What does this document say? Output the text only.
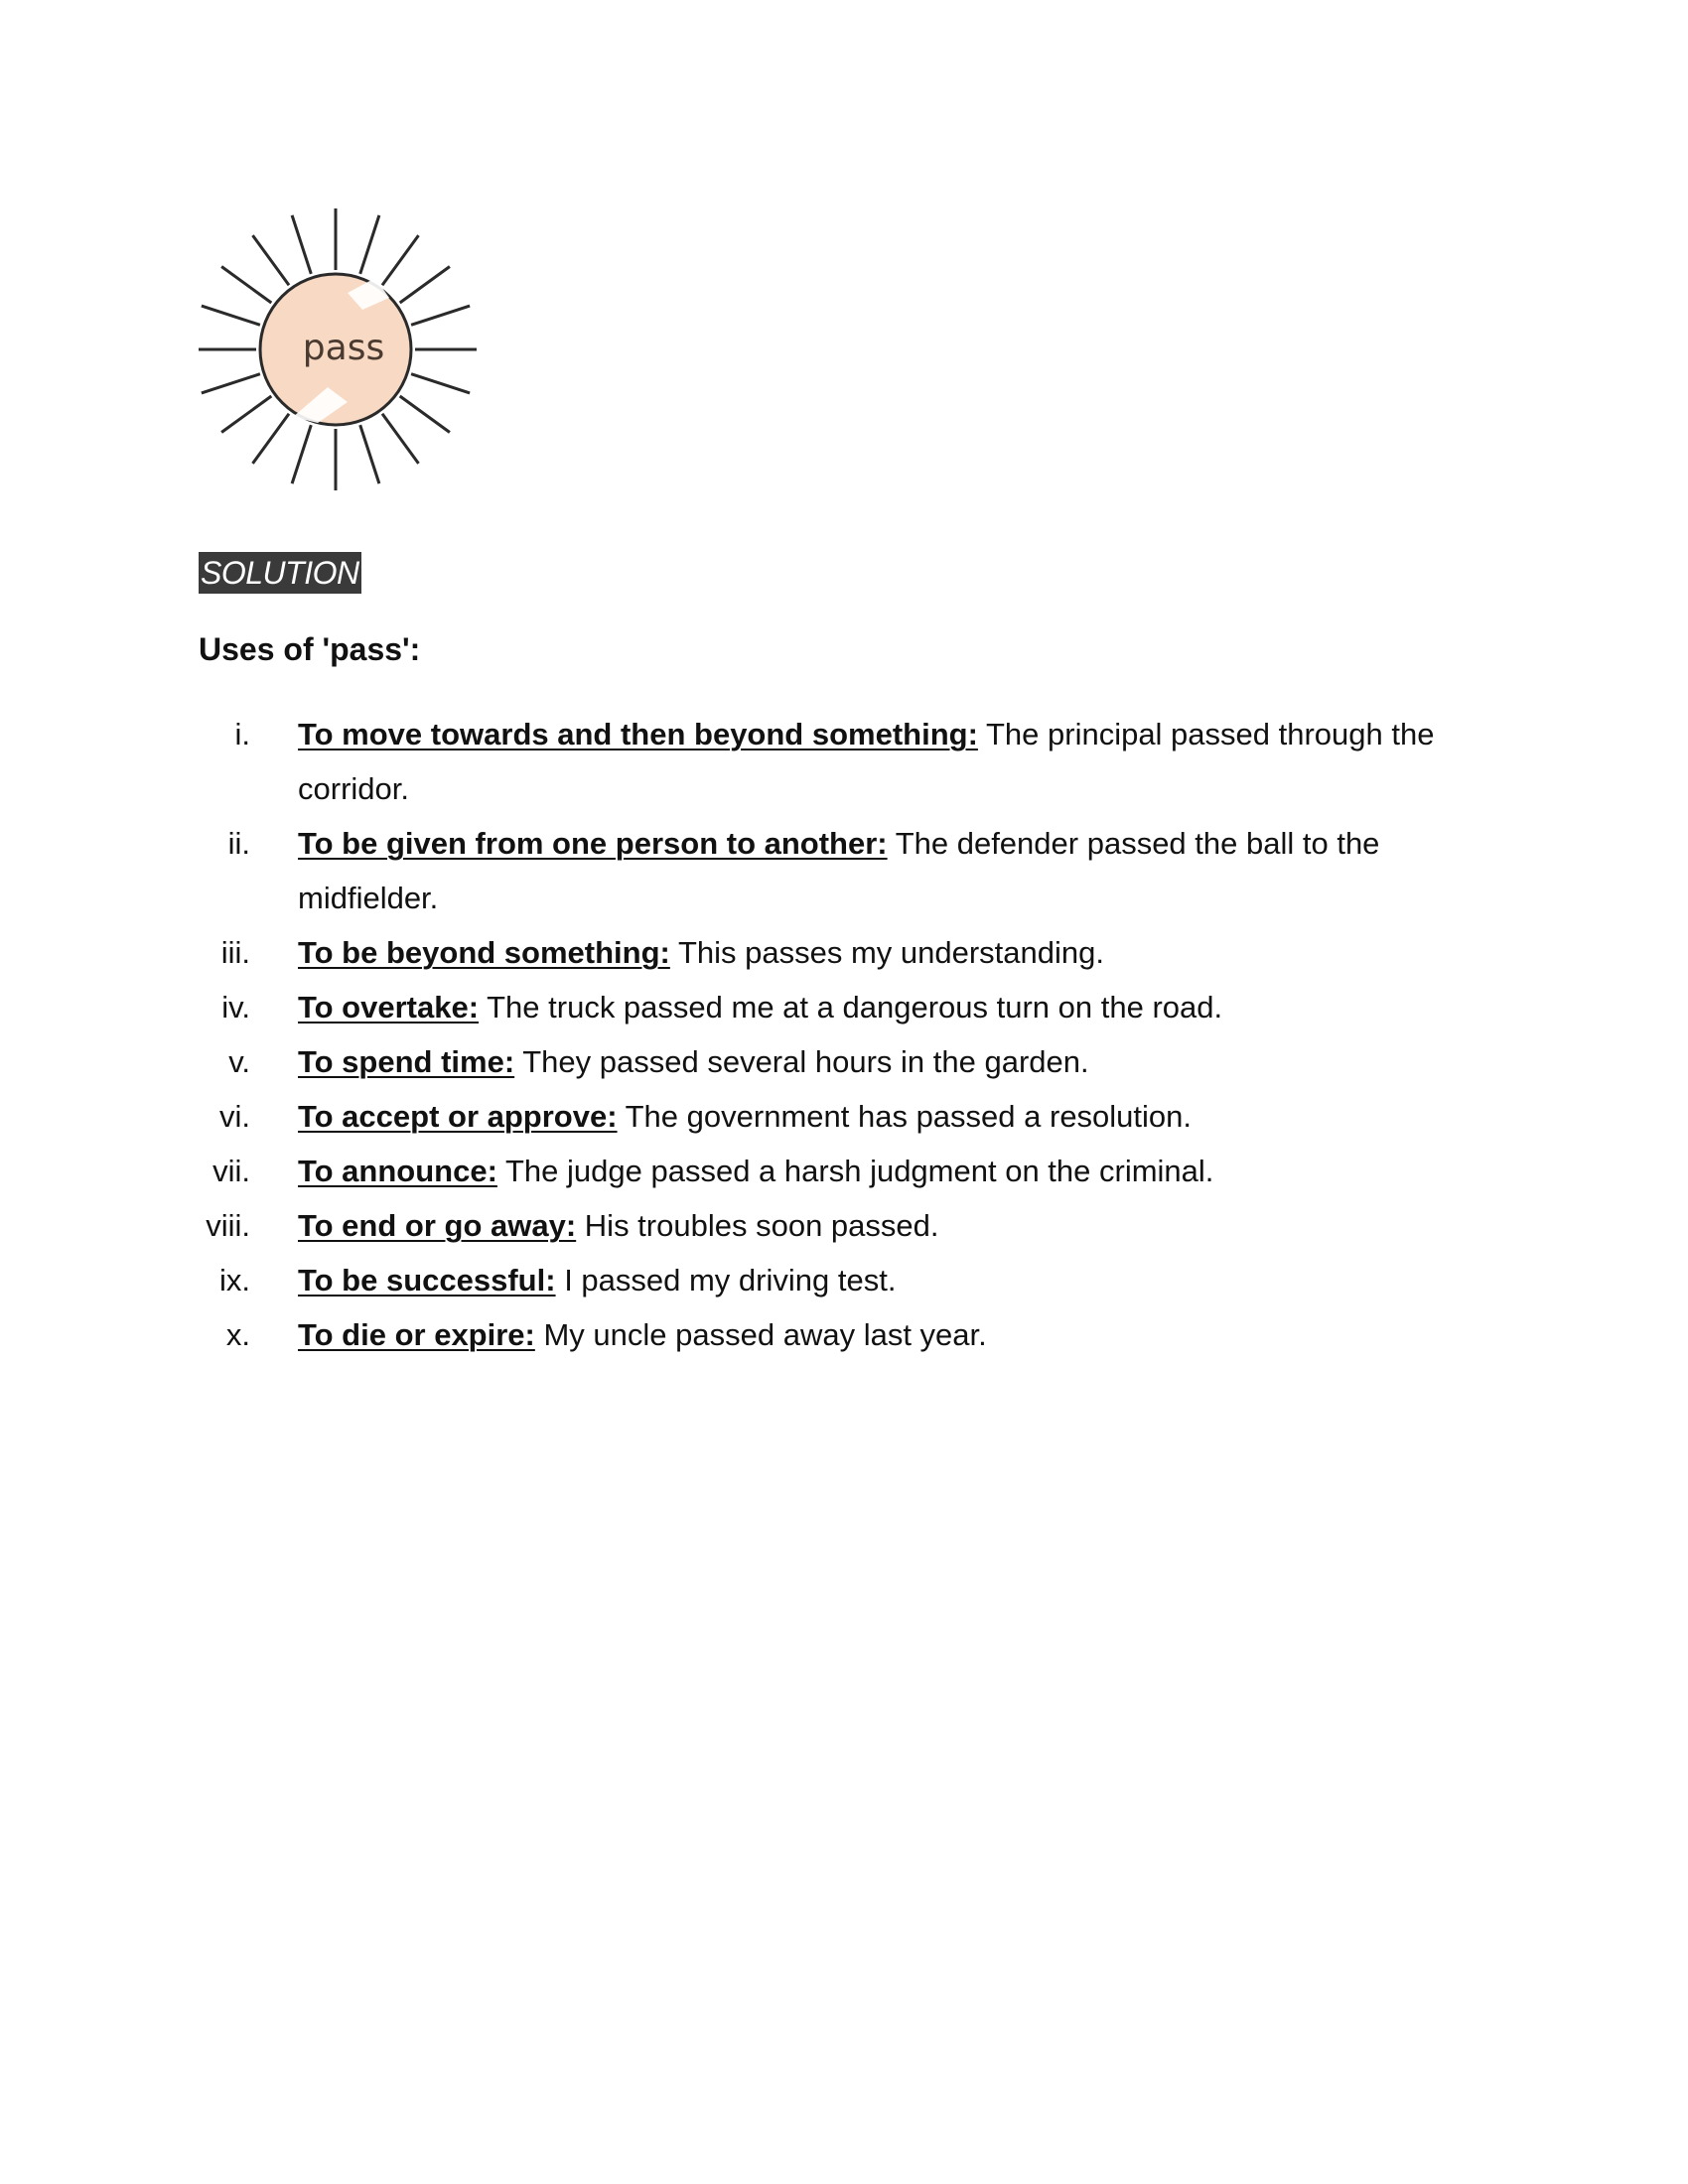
pass
SOLUTION

Uses of 'pass':

i. To move towards and then beyond something: The principal passed through the corridor.
ii. To be given from one person to another: The defender passed the ball to the midfielder.
iii. To be beyond something: This passes my understanding.
iv. To overtake: The truck passed me at a dangerous turn on the road.
v. To spend time: They passed several hours in the garden.
vi. To accept or approve: The government has passed a resolution.
vii. To announce: The judge passed a harsh judgment on the criminal.
viii. To end or go away: His troubles soon passed.
ix. To be successful: I passed my driving test.
x. To die or expire: My uncle passed away last year.
